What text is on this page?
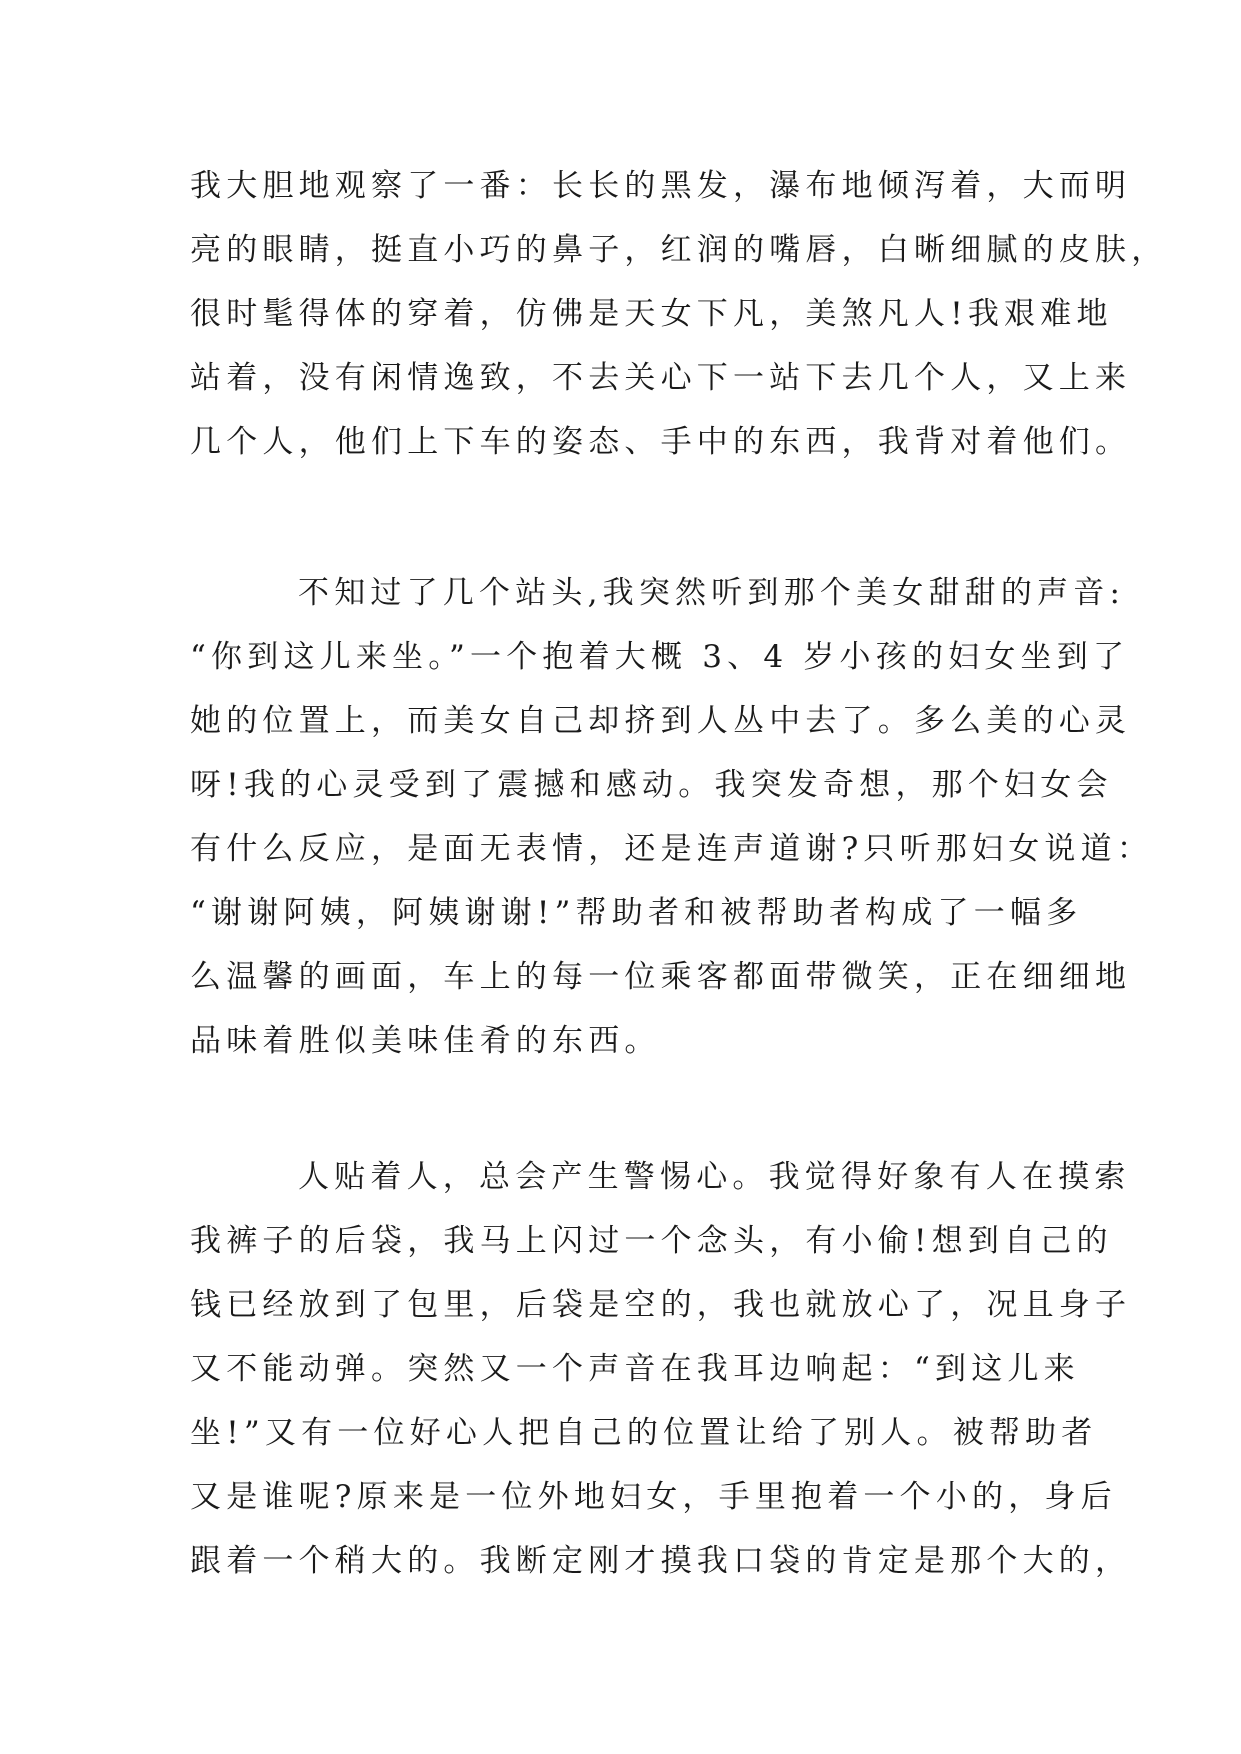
我大胆地观察了一番：长长的黑发，瀑布地倾泻着，大而明
亮的眼睛，挺直小巧的鼻子，红润的嘴唇，白晰细腻的皮肤，
很时髦得体的穿着，仿佛是天女下凡，美煞凡人!我艰难地
站着，没有闲情逸致，不去关心下一站下去几个人，又上来
几个人，他们上下车的姿态、手中的东西，我背对着他们。
不知过了几个站头,我突然听到那个美女甜甜的声音:
“你到这儿来坐。”一个抱着大概 3、4 岁小孩的妇女坐到了
她的位置上，而美女自己却挤到人丛中去了。多么美的心灵
呀!我的心灵受到了震撼和感动。我突发奇想，那个妇女会
有什么反应，是面无表情，还是连声道谢?只听那妇女说道：
“谢谢阿姨，阿姨谢谢!”帮助者和被帮助者构成了一幅多
么温馨的画面，车上的每一位乘客都面带微笑，正在细细地
品味着胜似美味佳肴的东西。
人贴着人，总会产生警惕心。我觉得好象有人在摸索
我裤子的后袋，我马上闪过一个念头，有小偷!想到自己的
钱已经放到了包里，后袋是空的，我也就放心了，况且身子
又不能动弹。突然又一个声音在我耳边响起：“到这儿来
坐!”又有一位好心人把自己的位置让给了别人。被帮助者
又是谁呢?原来是一位外地妇女，手里抱着一个小的，身后
跟着一个稍大的。我断定刚才摸我口袋的肯定是那个大的，
